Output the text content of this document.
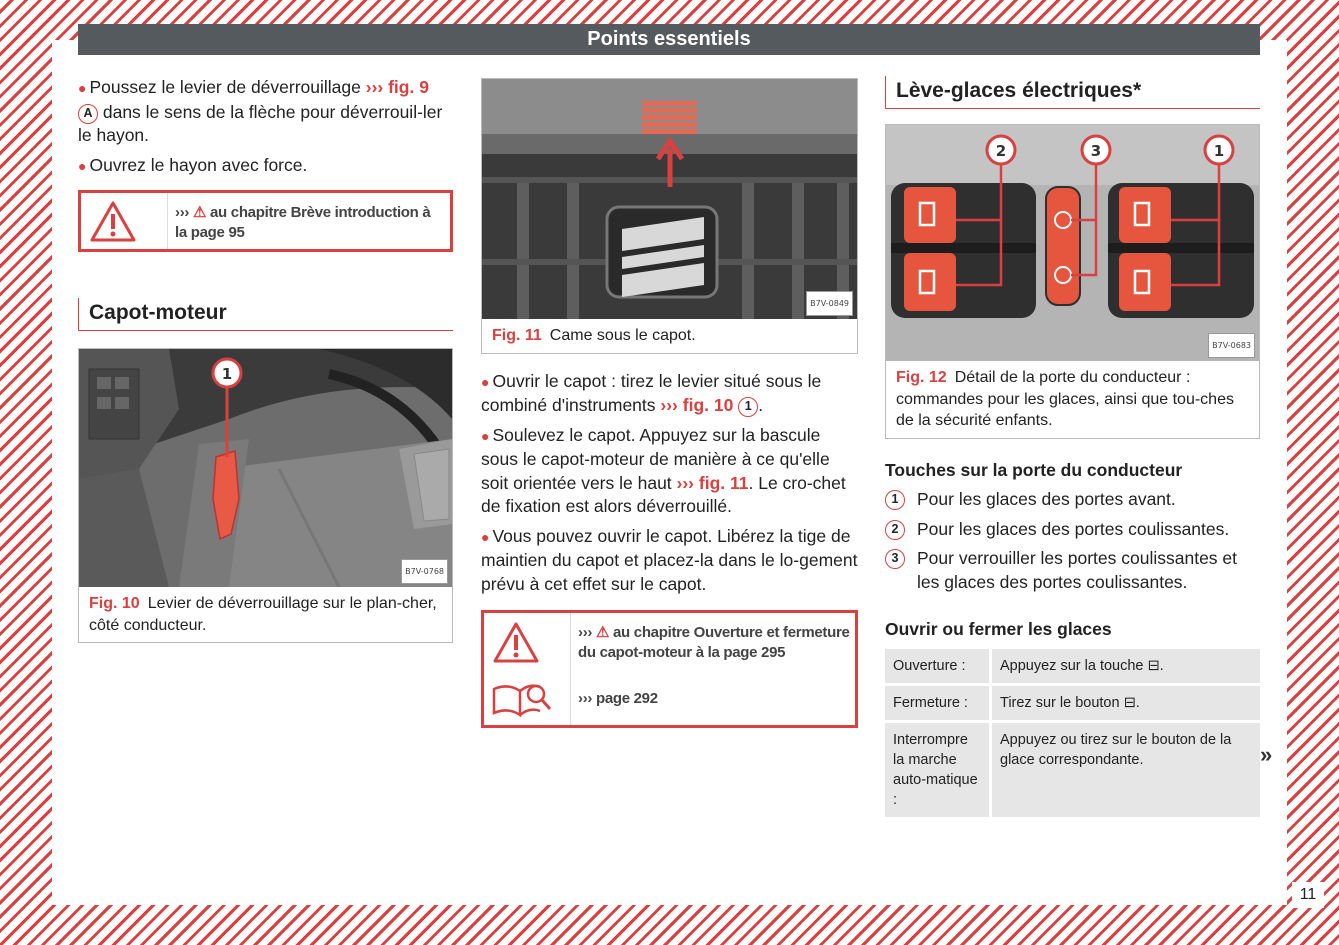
Points essentiels
● Poussez le levier de déverrouillage ››› fig. 9
A dans le sens de la flèche pour déverrouil-ler le hayon.
● Ouvrez le hayon avec force.
››› ⚠ au chapitre Brève introduction à la page 95
Capot-moteur
1
B7V-0768
Fig. 10 Levier de déverrouillage sur le plan-cher, côté conducteur.
B7V-0849
Fig. 11 Came sous le capot.
● Ouvrir le capot : tirez le levier situé sous le combiné d'instruments ››› fig. 10 1 .
● Soulevez le capot. Appuyez sur la bascule sous le capot-moteur de manière à ce qu'elle soit orientée vers le haut ››› fig. 11. Le cro-chet de fixation est alors déverrouillé.
● Vous pouvez ouvrir le capot. Libérez la tige de maintien du capot et placez-la dans le lo-gement prévu à cet effet sur le capot.
››› ⚠ au chapitre Ouverture et fermeture du capot-moteur à la page 295
››› page 292
Lève-glaces électriques*
2	3	1
B7V-0683
Fig. 12 Détail de la porte du conducteur : commandes pour les glaces, ainsi que tou-ches de la sécurité enfants.
Touches sur la porte du conducteur
1	Pour les glaces des portes avant.
2	Pour les glaces des portes coulissantes.
3	Pour verrouiller les portes coulissantes et les glaces des portes coulissantes.
Ouvrir ou fermer les glaces
Ouverture :	Appuyez sur la touche ⊟.
Fermeture :	Tirez sur le bouton ⊟.
Interrompre la marche auto-matique :	Appuyez ou tirez sur le bouton de la glace correspondante.	»
11
